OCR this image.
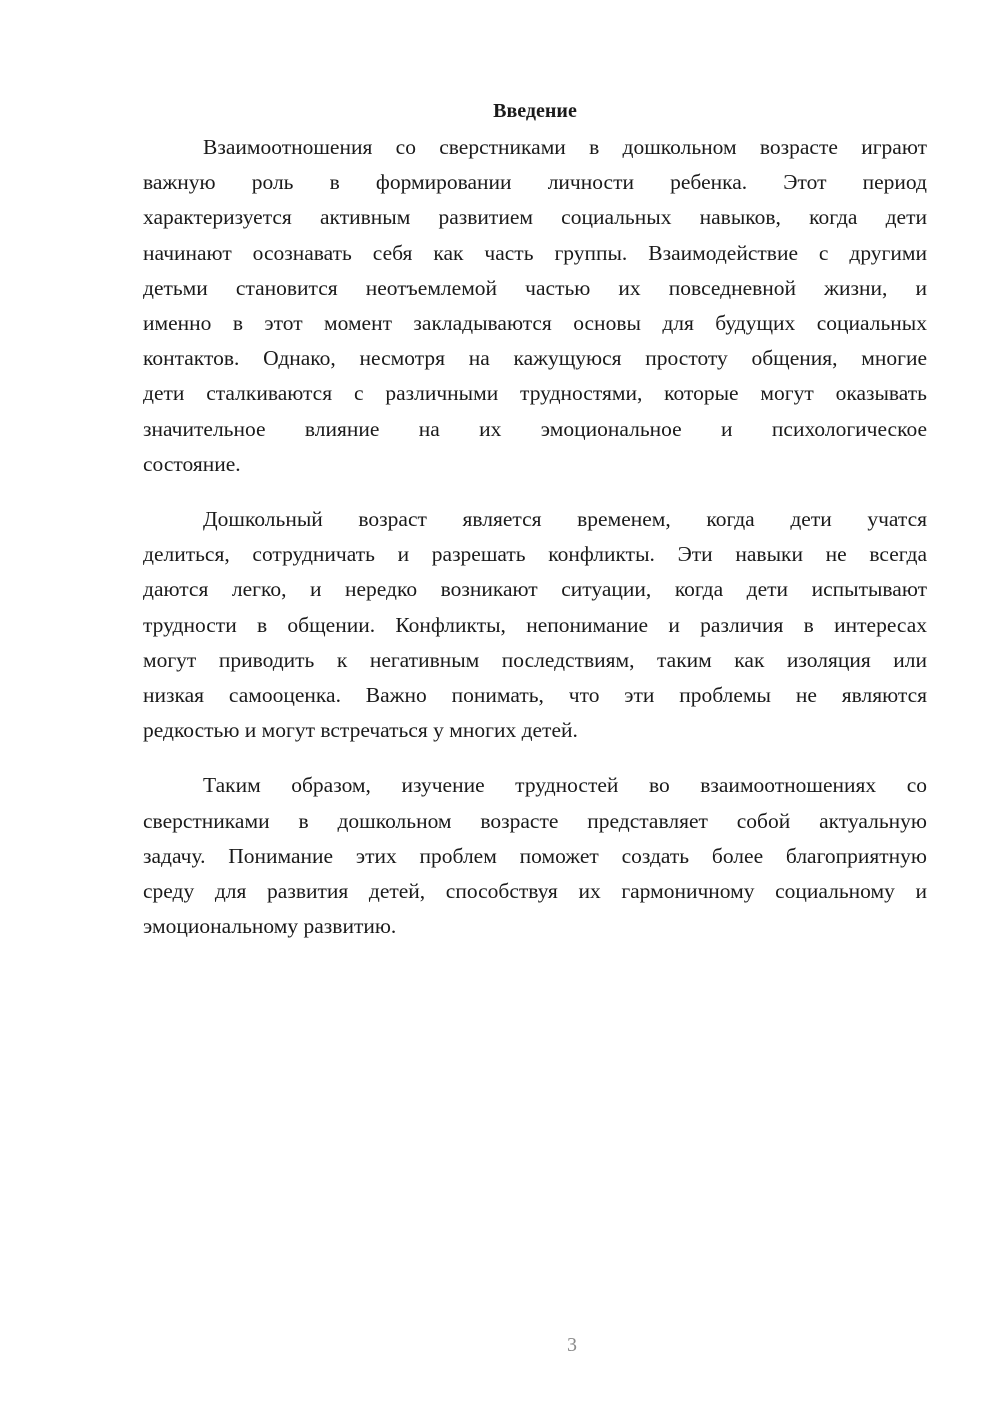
Введение

Взаимоотношения со сверстниками в дошкольном возрасте играют
важную роль в формировании личности ребенка. Этот период
характеризуется активным развитием социальных навыков, когда дети
начинают осознавать себя как часть группы. Взаимодействие с другими
детьми становится неотъемлемой частью их повседневной жизни, и
именно в этот момент закладываются основы для будущих социальных
контактов. Однако, несмотря на кажущуюся простоту общения, многие
дети сталкиваются с различными трудностями, которые могут оказывать
значительное влияние на их эмоциональное и психологическое
состояние.

Дошкольный возраст является временем, когда дети учатся
делиться, сотрудничать и разрешать конфликты. Эти навыки не всегда
даются легко, и нередко возникают ситуации, когда дети испытывают
трудности в общении. Конфликты, непонимание и различия в интересах
могут приводить к негативным последствиям, таким как изоляция или
низкая самооценка. Важно понимать, что эти проблемы не являются
редкостью и могут встречаться у многих детей.

Таким образом, изучение трудностей во взаимоотношениях со
сверстниками в дошкольном возрасте представляет собой актуальную
задачу. Понимание этих проблем поможет создать более благоприятную
среду для развития детей, способствуя их гармоничному социальному и
эмоциональному развитию.

3
